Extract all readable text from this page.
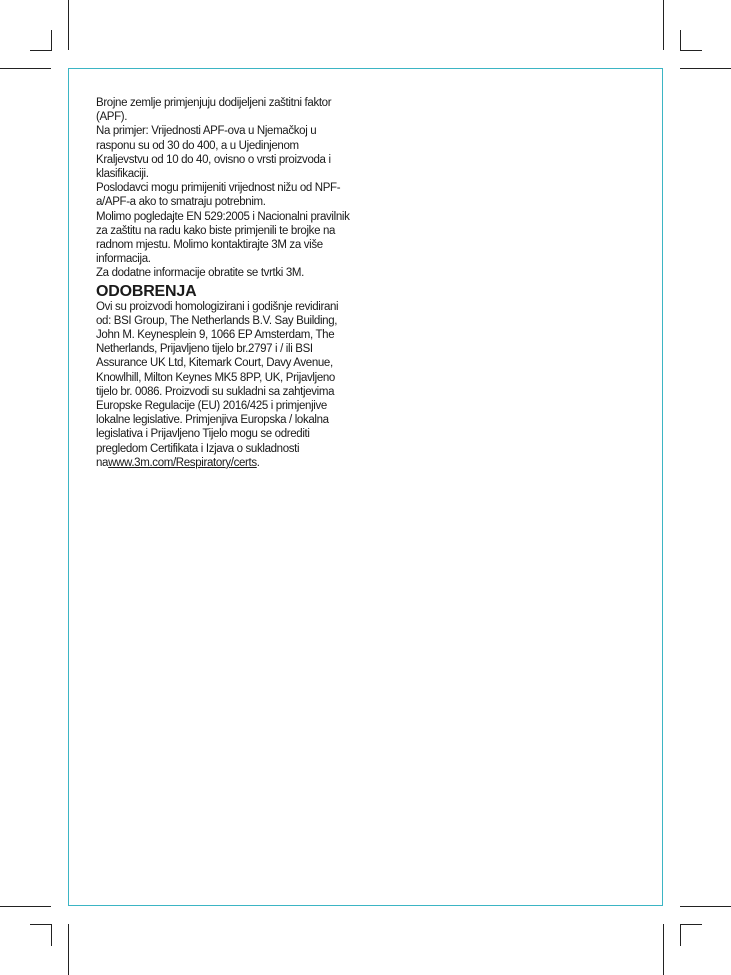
Brojne zemlje primjenjuju dodijeljeni zaštitni faktor (APF).

Na primjer: Vrijednosti APF-ova u Njemačkoj u rasponu su od 30 do 400, a u Ujedinjenom Kraljevstvu od 10 do 40, ovisno o vrsti proizvoda i klasifikaciji.

Poslodavci mogu primijeniti vrijednost nižu od NPF-a/APF-a ako to smatraju potrebnim.

Molimo pogledajte EN 529:2005 i Nacionalni pravilnik za zaštitu na radu kako biste primjenili te brojke na radnom mjestu. Molimo kontaktirajte 3M za više informacija.

Za dodatne informacije obratite se tvrtki 3M.

ODOBRENJA

Ovi su proizvodi homologizirani i godišnje revidirani od: BSI Group, The Netherlands B.V. Say Building, John M. Keynesplein 9, 1066 EP Amsterdam, The Netherlands, Prijavljeno tijelo br.2797 i / ili BSI Assurance UK Ltd, Kitemark Court, Davy Avenue, Knowlhill, Milton Keynes MK5 8PP, UK, Prijavljeno tijelo br. 0086. Proizvodi su sukladni sa zahtjevima Europske Regulacije (EU) 2016/425 i primjenjive lokalne legislative. Primjenjiva Europska / lokalna legislativa i Prijavljeno Tijelo mogu se odrediti pregledom Certifikata i Izjava o sukladnosti nawww.3m.com/Respiratory/certs.
